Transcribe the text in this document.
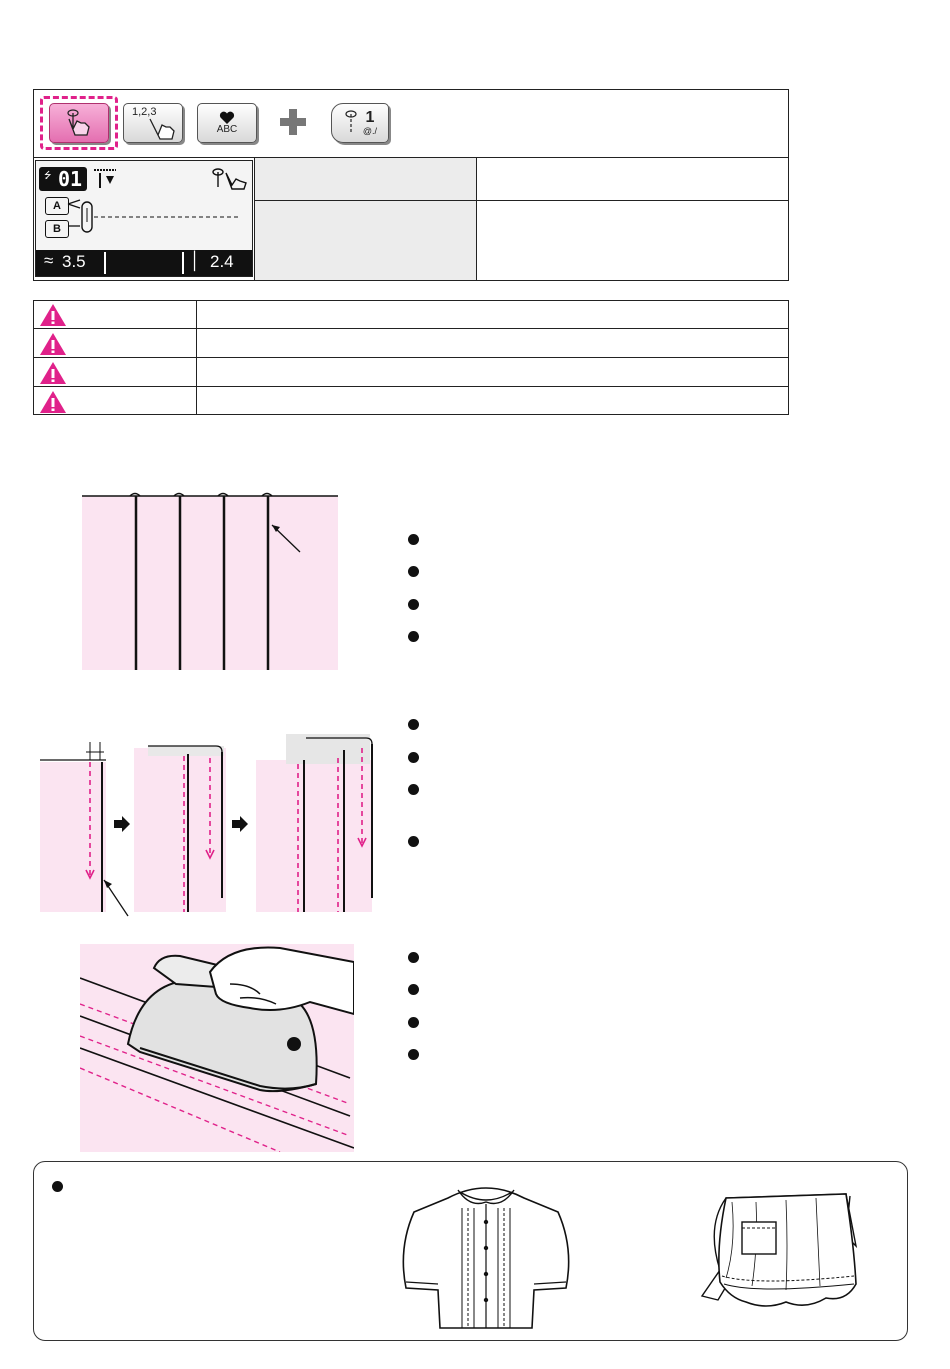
1,2,3
ABC
1
@./
⭍ 01
A
B
≈ 3.5	│ 2.4
